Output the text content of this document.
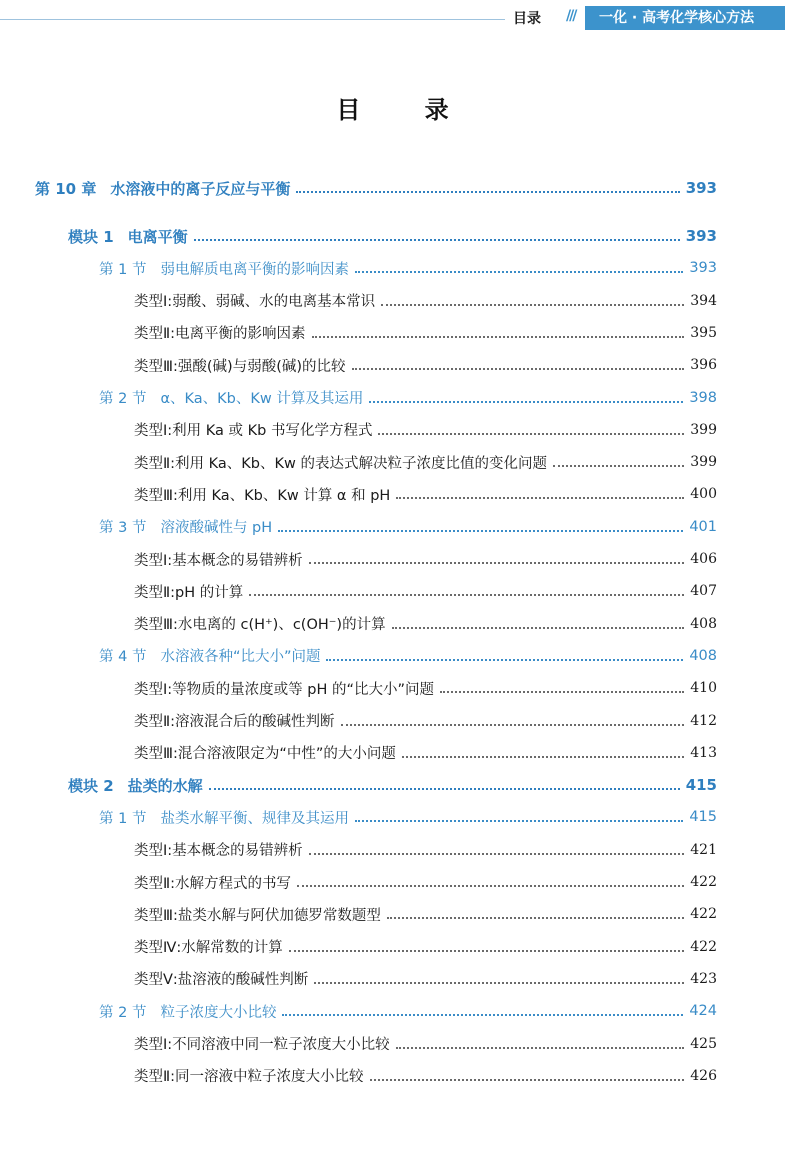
目录 ///	一化 · 高考化学核心方法
目 录
第 10 章 水溶液中的离子反应与平衡	393
模块 1 电离平衡	393
第 1 节 弱电解质电离平衡的影响因素	393
类型Ⅰ:弱酸、弱碱、水的电离基本常识	394
类型Ⅱ:电离平衡的影响因素	395
类型Ⅲ:强酸(碱)与弱酸(碱)的比较	396
第 2 节 α、Ka、Kb、Kw 计算及其运用	398
类型Ⅰ:利用 Ka 或 Kb 书写化学方程式	399
类型Ⅱ:利用 Ka、Kb、Kw 的表达式解决粒子浓度比值的变化问题	399
类型Ⅲ:利用 Ka、Kb、Kw 计算 α 和 pH	400
第 3 节 溶液酸碱性与 pH	401
类型Ⅰ:基本概念的易错辨析	406
类型Ⅱ:pH 的计算	407
类型Ⅲ:水电离的 c(H⁺)、c(OH⁻)的计算	408
第 4 节 水溶液各种“比大小”问题	408
类型Ⅰ:等物质的量浓度或等 pH 的“比大小”问题	410
类型Ⅱ:溶液混合后的酸碱性判断	412
类型Ⅲ:混合溶液限定为“中性”的大小问题	413
模块 2 盐类的水解	415
第 1 节 盐类水解平衡、规律及其运用	415
类型Ⅰ:基本概念的易错辨析	421
类型Ⅱ:水解方程式的书写	422
类型Ⅲ:盐类水解与阿伏加德罗常数题型	422
类型Ⅳ:水解常数的计算	422
类型Ⅴ:盐溶液的酸碱性判断	423
第 2 节 粒子浓度大小比较	424
类型Ⅰ:不同溶液中同一粒子浓度大小比较	425
类型Ⅱ:同一溶液中粒子浓度大小比较	426
